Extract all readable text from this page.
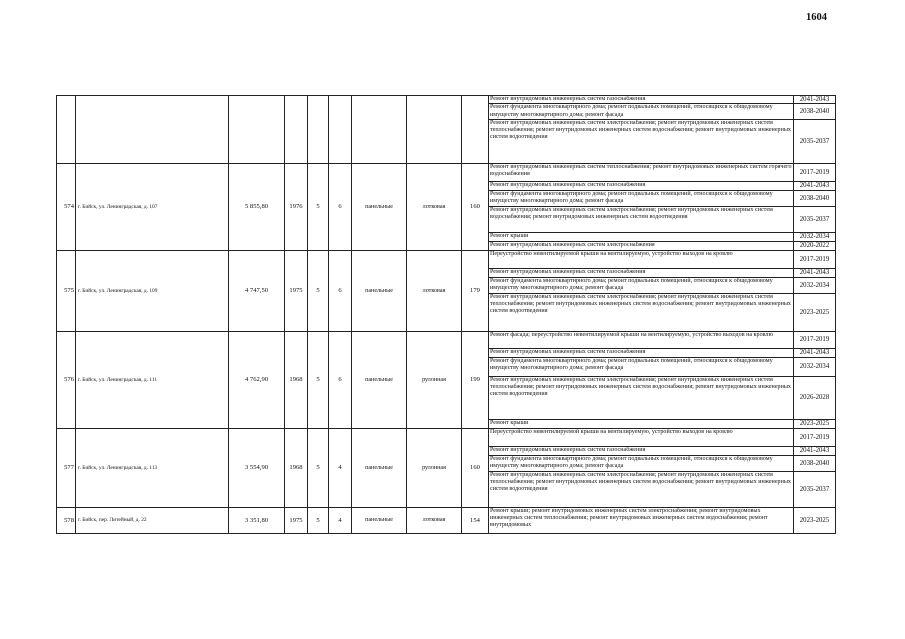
1604
									Ремонт внутридомовых инженерных систем газоснабжения	2041-2043
									Ремонт фундамента многоквартирного дома; ремонт подвальных помещений, относящихся к общедомовому имуществу многоквартирного дома; ремонт фасада	2038-2040
									Ремонт внутридомовых инженерных систем электроснабжения; ремонт внутридомовых инженерных систем теплоснабжения; ремонт внутридомовых инженерных систем водоснабжения; ремонт внутридомовых инженерных систем водоотведения	2035-2037
574	г. Бийск, ул. Ленинградская, д. 107	5 855,80	1976	5	6	панельные	лотковая	160	Ремонт внутридомовых инженерных систем теплоснабжения; ремонт внутридомовых инженерных систем горячего водоснабжения	2017-2019
									Ремонт внутридомовых инженерных систем газоснабжения	2041-2043
									Ремонт фундамента многоквартирного дома; ремонт подвальных помещений, относящихся к общедомовому имуществу многоквартирного дома; ремонт фасада	2038-2040
									Ремонт внутридомовых инженерных систем электроснабжения; ремонт внутридомовых инженерных систем водоснабжения; ремонт внутридомовых инженерных систем водоотведения	2035-2037
									Ремонт крыши	2032-2034
									Ремонт внутридомовых инженерных систем электроснабжения	2020-2022
575	г. Бийск, ул. Ленинградская, д. 109	4 747,50	1975	5	6	панельные	лотковая	179	Переустройство невентилируемой крыши на вентилируемую, устройство выходов на кровлю	2017-2019
									Ремонт внутридомовых инженерных систем газоснабжения	2041-2043
									Ремонт фундамента многоквартирного дома; ремонт подвальных помещений, относящихся к общедомовому имуществу многоквартирного дома; ремонт фасада	2032-2034
									Ремонт внутридомовых инженерных систем электроснабжения; ремонт внутридомовых инженерных систем теплоснабжения; ремонт внутридомовых инженерных систем водоснабжения; ремонт внутридомовых инженерных систем водоотведения	2023-2025
576	г. Бийск, ул. Ленинградская, д. 111	4 762,90	1968	5	6	панельные	рулонная	199	Ремонт фасада; переустройство невентилируемой крыши на вентилируемую, устройство выходов на кровлю	2017-2019
									Ремонт внутридомовых инженерных систем газоснабжения	2041-2043
									Ремонт фундамента многоквартирного дома; ремонт подвальных помещений, относящихся к общедомовому имуществу многоквартирного дома; ремонт фасада	2032-2034
									Ремонт внутридомовых инженерных систем электроснабжения; ремонт внутридомовых инженерных систем теплоснабжения; ремонт внутридомовых инженерных систем водоснабжения; ремонт внутридомовых инженерных систем водоотведения	2026-2028
									Ремонт крыши	2023-2025
577	г. Бийск, ул. Ленинградская, д. 113	3 554,90	1968	5	4	панельные	рулонная	160	Переустройство невентилируемой крыши на вентилируемую, устройство выходов на кровлю	2017-2019
									Ремонт внутридомовых инженерных систем газоснабжения	2041-2043
									Ремонт фундамента многоквартирного дома; ремонт подвальных помещений, относящихся к общедомовому имуществу многоквартирного дома; ремонт фасада	2038-2040
									Ремонт внутридомовых инженерных систем электроснабжения; ремонт внутридомовых инженерных систем теплоснабжения; ремонт внутридомовых инженерных систем водоснабжения; ремонт внутридомовых инженерных систем водоотведения	2035-2037
578	г. Бийск, пер. Литейный, д. 22	3 351,80	1975	5	4	панельные	лотковая	154	Ремонт крыши; ремонт внутридомовых инженерных систем электроснабжения; ремонт внутридомовых инженерных систем теплоснабжения; ремонт внутридомовых инженерных систем водоснабжения; ремонт внутридомовых	2023-2025
